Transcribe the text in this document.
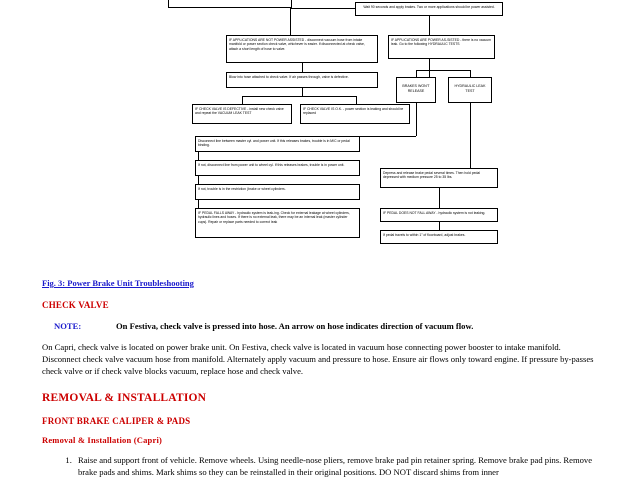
Wait 90 seconds and apply brakes. Two or more applications should be power assisted.
IF APPLICATIONS ARE NOT POWER ASSISTED - disconnect vacuum hose from intake manifold or power section check valve, whichever is easier. If disconnected at check valve, attach a short length of hose to valve.
IF APPLICATIONS ARE POWER AS-SISTED - there is no vacuum leak. Go to the following HYDRAULIC TESTS
Blow into hose attached to check valve. If air passes through, valve is defective.
BRAKES WON'T RELEASE
HYDRAULIC LEAK TEST
IF CHECK VALVE IS DEFECTIVE - install new check valve and repeat the VACUUM LEAK TEST
IF CHECK VALVE IS O.K. - power section is leaking and should be replaced
Disconnect line between master cyl. and power unit. If this releases brakes, trouble is in M/C or pedal binding.
If not, disconnect line from power unit to wheel cyl. If this releases brakes, trouble is in power unit.
If not, trouble is in the restriction (brake or wheel cylinders.
Depress and release brake pedal several times. Then hold pedal depressed with medium pressure 25 to 35 lbs.
IF PEDAL FALLS AWAY - hydraulic system is leak-ing. Check for external leakage at wheel cylinders, hydraulic lines and hoses. If there is no external leak, there may be an internal leak (master cylinder cups). Repair or replace parts needed to correct leak
IF PEDAL DOES NOT FALL AWAY - hydraulic system is not leaking.
If pedal travels to within 1" of floorboard, adjust brakes.
Fig. 3: Power Brake Unit Troubleshooting
CHECK VALVE
NOTE:	On Festiva, check valve is pressed into hose. An arrow on hose indicates direction of vacuum flow.
On Capri, check valve is located on power brake unit. On Festiva, check valve is located in vacuum hose connecting power booster to intake manifold. Disconnect check valve vacuum hose from manifold. Alternately apply vacuum and pressure to hose. Ensure air flows only toward engine. If pressure by-passes check valve or if check valve blocks vacuum, replace hose and check valve.
REMOVAL & INSTALLATION
FRONT BRAKE CALIPER & PADS
Removal & Installation (Capri)
1. Raise and support front of vehicle. Remove wheels. Using needle-nose pliers, remove brake pad pin retainer spring. Remove brake pad pins. Remove brake pads and shims. Mark shims so they can be reinstalled in their original positions. DO NOT discard shims from inner
